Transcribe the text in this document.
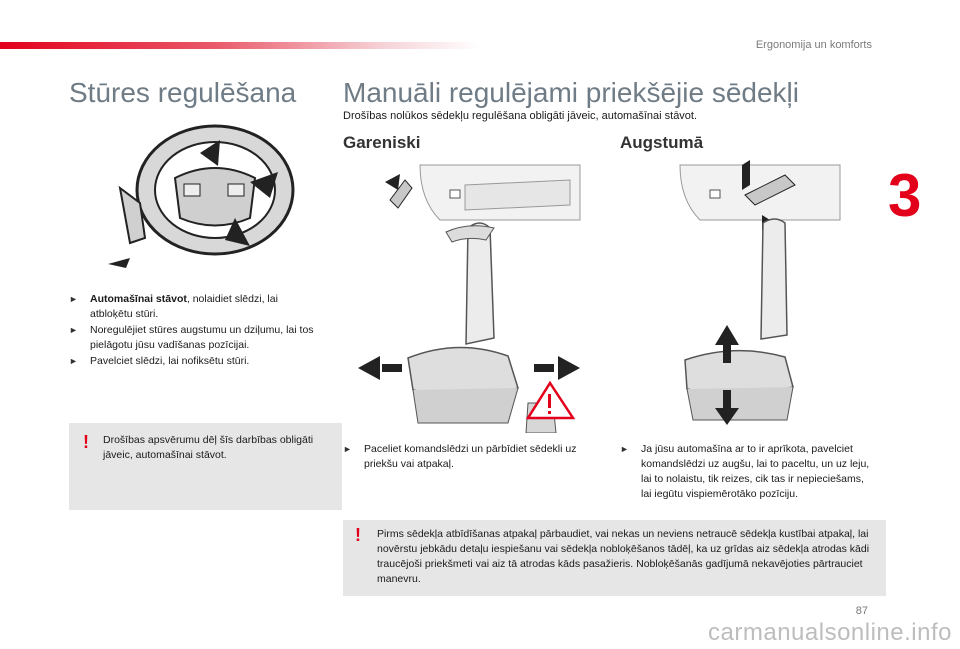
Ergonomija un komforts
3
Stūres regulēšana
► Automašīnai stāvot, nolaidiet slēdzi, lai atbloķētu stūri.
► Noregulējiet stūres augstumu un dziļumu, lai tos pielāgotu jūsu vadīšanas pozīcijai.
► Pavelciet slēdzi, lai nofiksētu stūri.
! Drošības apsvērumu dēļ šīs darbības obligāti jāveic, automašīnai stāvot.
Manuāli regulējami priekšējie sēdekļi
Drošības nolūkos sēdekļu regulēšana obligāti jāveic, automašīnai stāvot.
Gareniski	Augstumā
► Paceliet komandslēdzi un pārbīdiet sēdekli uz priekšu vai atpakaļ.
► Ja jūsu automašīna ar to ir aprīkota, pavelciet komandslēdzi uz augšu, lai to paceltu, un uz leju, lai to nolaistu, tik reizes, cik tas ir nepieciešams, lai iegūtu vispiemērotāko pozīciju.
! Pirms sēdekļa atbīdīšanas atpakaļ pārbaudiet, vai nekas un neviens netraucē sēdekļa kustībai atpakaļ, lai novērstu jebkādu detaļu iespiešanu vai sēdekļa nobloķēšanos tādēļ, ka uz grīdas aiz sēdekļa atrodas kādi traucējoši priekšmeti vai aiz tā atrodas kāds pasažieris. Nobloķēšanās gadījumā nekavējoties pārtrauciet manevru.
87
carmanualsonline.info
